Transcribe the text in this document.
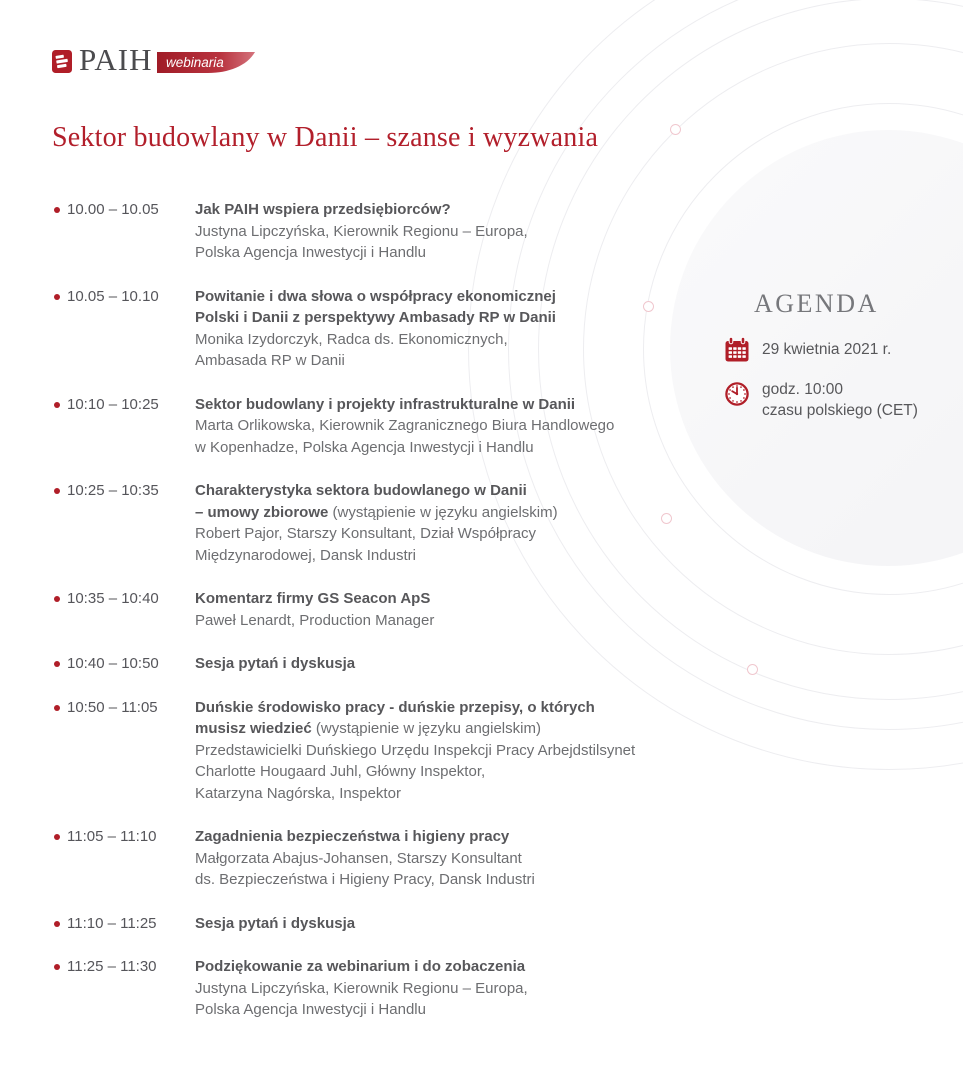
PAIH webinaria
Sektor budowlany w Danii – szanse i wyzwania
10.00 – 10.05 Jak PAIH wspiera przedsiębiorców?
Justyna Lipczyńska, Kierownik Regionu – Europa,
Polska Agencja Inwestycji i Handlu
10.05 – 10.10 Powitanie i dwa słowa o współpracy ekonomicznej
Polski i Danii z perspektywy Ambasady RP w Danii
Monika Izydorczyk, Radca ds. Ekonomicznych,
Ambasada RP w Danii
10:10 – 10:25 Sektor budowlany i projekty infrastrukturalne w Danii
Marta Orlikowska, Kierownik Zagranicznego Biura Handlowego
w Kopenhadze, Polska Agencja Inwestycji i Handlu
10:25 – 10:35 Charakterystyka sektora budowlanego w Danii
– umowy zbiorowe (wystąpienie w języku angielskim)
Robert Pajor, Starszy Konsultant, Dział Współpracy
Międzynarodowej, Dansk Industri
10:35 – 10:40 Komentarz firmy GS Seacon ApS
Paweł Lenardt, Production Manager
10:40 – 10:50 Sesja pytań i dyskusja
10:50 – 11:05 Duńskie środowisko pracy - duńskie przepisy, o których
musisz wiedzieć (wystąpienie w języku angielskim)
Przedstawicielki Duńskiego Urzędu Inspekcji Pracy Arbejdstilsynet
Charlotte Hougaard Juhl, Główny Inspektor,
Katarzyna Nagórska, Inspektor
11:05 – 11:10	Zagadnienia bezpieczeństwa i higieny pracy
Małgorzata Abajus-Johansen, Starszy Konsultant
ds. Bezpieczeństwa i Higieny Pracy, Dansk Industri
11:10 – 11:25	Sesja pytań i dyskusja
11:25 – 11:30	Podziękowanie za webinarium i do zobaczenia
Justyna Lipczyńska, Kierownik Regionu – Europa,
Polska Agencja Inwestycji i Handlu
AGENDA
29 kwietnia 2021 r.
godz. 10:00
czasu polskiego (CET)
